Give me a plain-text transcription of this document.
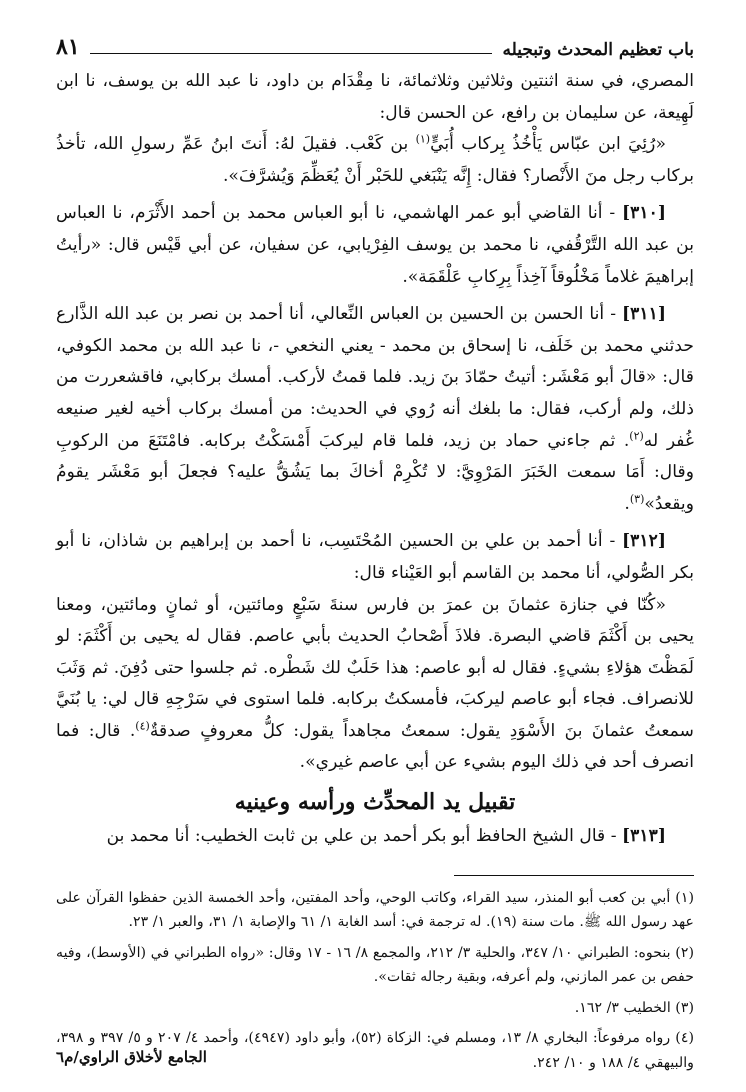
باب تعظيم المحدث وتبجيله
٨١

المصري، في سنة اثنتين وثلاثين وثلاثمائة، نا مِقْدَام بن داود، نا عبد الله بن يوسف، نا ابن لَهِيعة، عن سليمان بن رافع، عن الحسن قال:

«رُئِيَ ابن عبّاس يَأْخُذُ بِركاب أُبَيٍّ$^{(١)}$ بن كَعْب. فقيلَ لهُ: أَنتَ ابنُ عَمِّ رسولِ الله، تأخذُ بركاب رجل منَ الأَنْصار؟ فقال: إِنَّه يَنْبَغي للحَبْر أَنْ يُعَظِّمَ وَيُشرَّفَ».

[٣١٠] - أنا القاضي أبو عمر الهاشمي، نا أبو العباس محمد بن أحمد الأَثْرَم، نا العباس بن عبد الله التَّرْقُفي، نا محمد بن يوسف الفِرْيابي، عن سفيان، عن أبي قَيْس قال: «رأيتُ إبراهيمَ غلاماً مَخْلُوقاً آخِذاً بِرِكابِ عَلْقَمَة».

[٣١١] - أنا الحسن بن الحسين بن العباس النِّعالي، أنا أحمد بن نصر بن عبد الله الذَّارع حدثني محمد بن خَلَف، نا إسحاق بن محمد - يعني النخعي -، نا عبد الله بن محمد الكوفي، قال: «قالَ أبو مَعْشَر: أتيتُ حمّادَ بنَ زيد. فلما قمتُ لأركب. أمسك بركابي، فاقشعررت من ذلك، ولم أركب، فقال: ما بلغك أنه رُوي في الحديث: من أمسك بركاب أخيه لغير صنيعه غُفر له$^{(٢)}$. ثم جاءني حماد بن زيد، فلما قام ليركبَ أَمْسَكْتُ بركابه. فامْتَنَعَ من الركوبِ وقال: أَمَا سمعت الخَبَرَ المَرْوِيَّ: لا تُكْرِمْ أخاكَ بما يَشُقُّ عليه؟ فجعلَ أبو مَعْشَر يقومُ ويقعدُ»$^{(٣)}$.

[٣١٢] - أنا أحمد بن علي بن الحسين المُحْتَسِب، نا أحمد بن إبراهيم بن شاذان، نا أبو بكر الصُّولي، أنا محمد بن القاسم أبو العَيْناء قال:

«كُنّا في جنازة عثمانَ بن عمرَ بن فارس سنةَ سَبْعٍ ومائتين، أو ثمانٍ ومائتين، ومعنا يحيى بن أَكْثَمَ قاضي البصرة. فلاذَ أَصْحابُ الحديث بأبي عاصم. فقال له يحيى بن أَكْثَمَ: لو لَمَظْتَ هؤلاءِ بشيءٍ. فقال له أبو عاصم: هذا حَلَبٌ لك شَطْره. ثم جلسوا حتى دُفِنَ. ثم وَثَبَ للانصراف. فجاء أبو عاصم ليركبَ، فأمسكتُ بركابه. فلما استوى في سَرْجِهِ قال لي: يا بُنَيَّ سمعتُ عثمانَ بنَ الأَسْوَدِ يقول: سمعتُ مجاهداً يقول: كلُّ معروفٍ صدقةٌ$^{(٤)}$. قال: فما انصرف أحد في ذلك اليوم بشيء عن أبي عاصم غيري».

تقبيل يد المحدِّث ورأسه وعينيه

[٣١٣] - قال الشيخ الحافظ أبو بكر أحمد بن علي بن ثابت الخطيب: أنا محمد بن

(١) أبي بن كعب أبو المنذر، سيد القراء، وكاتب الوحي، وأحد المفتين، وأحد الخمسة الذين حفظوا القرآن على عهد رسول الله ﷺ. مات سنة (١٩). له ترجمة في: أسد الغابة ١/ ٦١ والإصابة ١/ ٣١، والعبر ١/ ٢٣.

(٢) بنحوه: الطبراني ١٠/ ٣٤٧، والحلية ٣/ ٢١٢، والمجمع ٨/ ١٦ - ١٧ وقال: «رواه الطبراني في (الأوسط)، وفيه حفص بن عمر المازني، ولم أعرفه، وبقية رجاله ثقات».

(٣) الخطيب ٣/ ١٦٢.

(٤) رواه مرفوعاً: البخاري ٨/ ١٣، ومسلم في: الزكاة (٥٢)، وأبو داود (٤٩٤٧)، وأحمد ٤/ ٢٠٧ و ٥/ ٣٩٧ و ٣٩٨، والبيهقي ٤/ ١٨٨ و ١٠/ ٢٤٢.

الجامع لأخلاق الراوي/م٦
